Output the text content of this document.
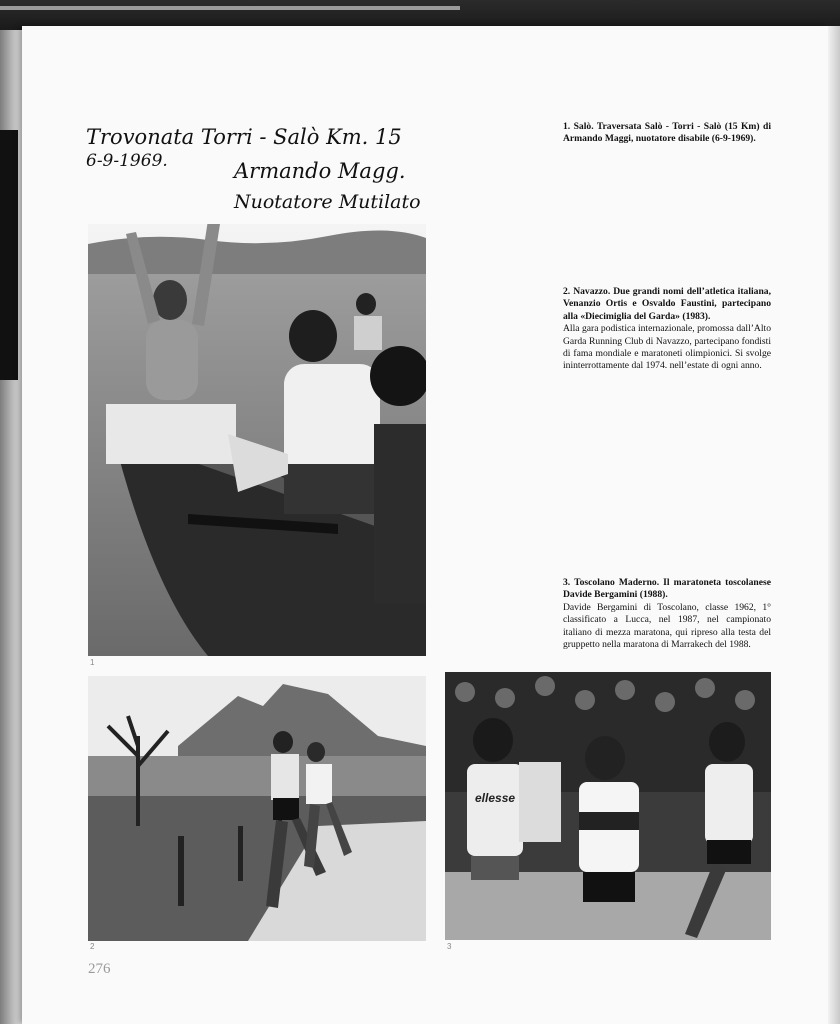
Trovonata Torri - Salò Km. 15
6-9-1969.	Armando Magg.
Nuotatore Mutilato
1
2
ellesse
3
1. Salò. Traversata Salò - Torri - Salò (15 Km) di Armando Maggi, nuotatore disabile (6-9-1969).
2. Navazzo. Due grandi nomi dell’atletica italiana, Venanzio Ortis e Osvaldo Faustini, partecipano alla «Diecimiglia del Garda» (1983).
Alla gara podistica internazionale, promossa dall’Alto Garda Running Club di Navazzo, partecipano fondisti di fama mondiale e maratoneti olimpionici. Si svolge ininterrottamente dal 1974. nell’estate di ogni anno.
3. Toscolano Maderno. Il maratoneta toscolanese Davide Bergamini (1988).
Davide Bergamini di Toscolano, classe 1962, 1° classificato a Lucca, nel 1987, nel campionato italiano di mezza maratona, qui ripreso alla testa del gruppetto nella maratona di Marrakech del 1988.
276
